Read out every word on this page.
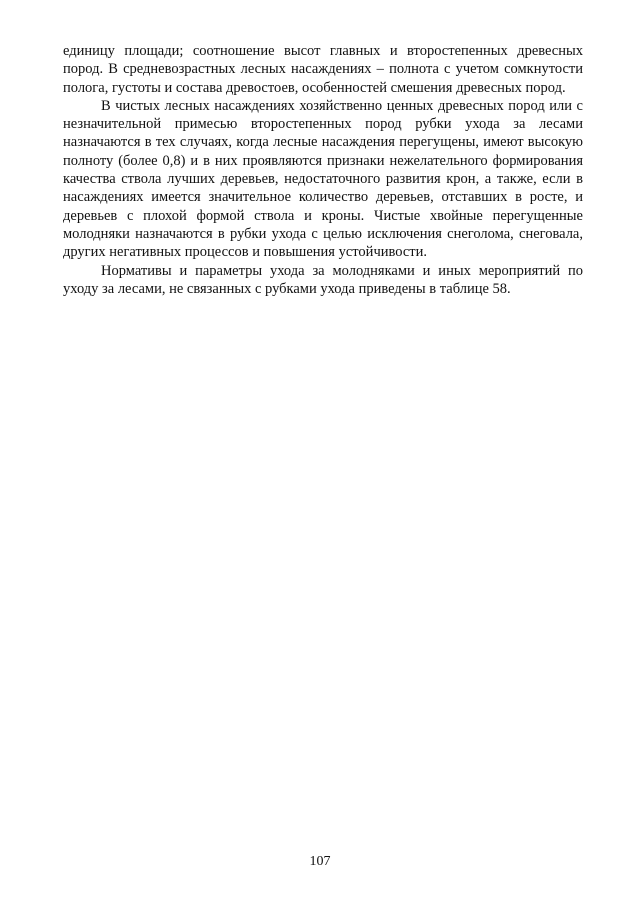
единицу площади; соотношение высот главных и второстепенных древесных пород. В средневозрастных лесных насаждениях – полнота с учетом сомкнутости полога, густоты и состава древостоев, особенностей смешения древесных пород.

В чистых лесных насаждениях хозяйственно ценных древесных пород или с незначительной примесью второстепенных пород рубки ухода за лесами назначаются в тех случаях, когда лесные насаждения перегущены, имеют высокую полноту (более 0,8) и в них проявляются признаки нежелательного формирования качества ствола лучших деревьев, недостаточного развития крон, а также, если в насаждениях имеется значительное количество деревьев, отставших в росте, и деревьев с плохой формой ствола и кроны. Чистые хвойные перегущенные молодняки назначаются в рубки ухода с целью исключения снеголома, снеговала, других негативных процессов и повышения устойчивости.

Нормативы и параметры ухода за молодняками и иных мероприятий по уходу за лесами, не связанных с рубками ухода приведены в таблице 58.

107
